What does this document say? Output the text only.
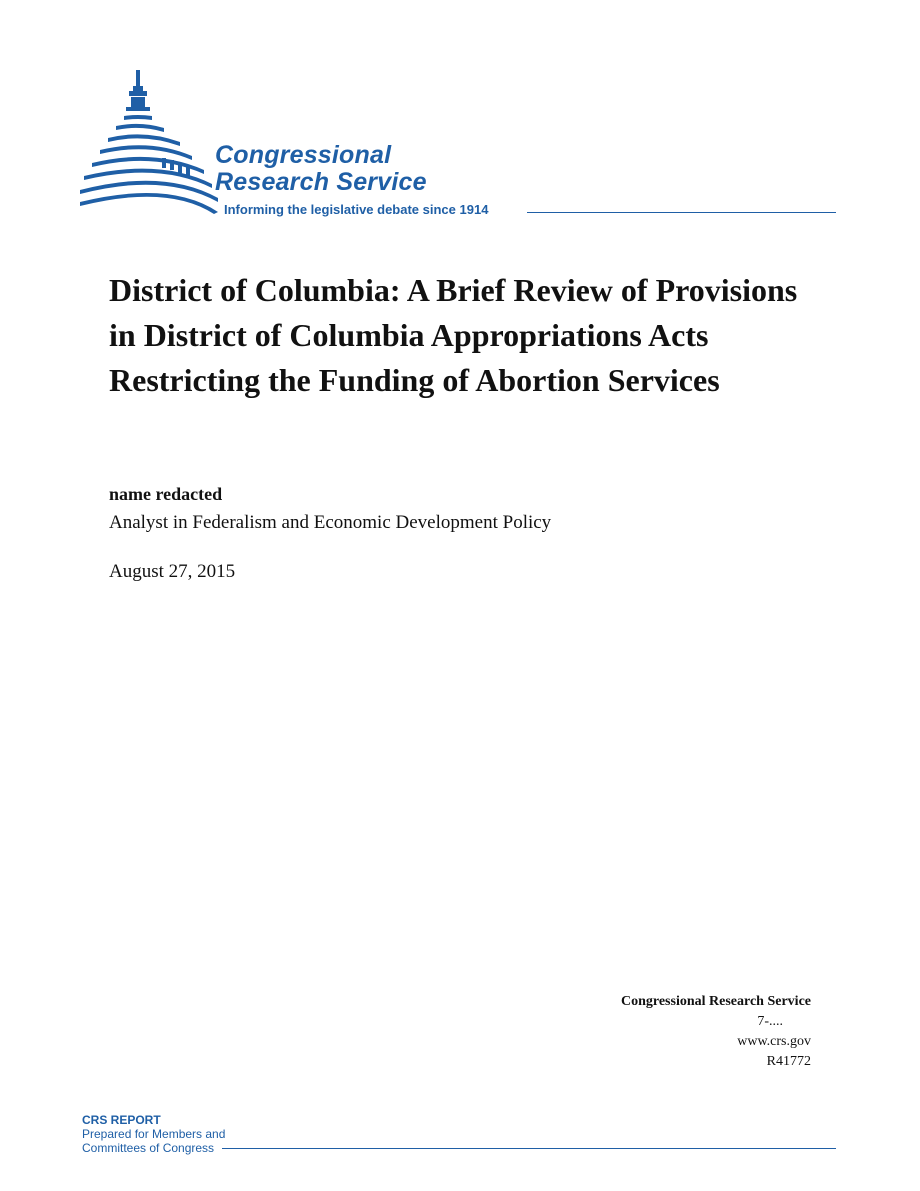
Congressional
Research Service
Informing the legislative debate since 1914
District of Columbia: A Brief Review of Provisions in District of Columbia Appropriations Acts Restricting the Funding of Abortion Services
name redacted
Analyst in Federalism and Economic Development Policy
August 27, 2015
Congressional Research Service
7-....
www.crs.gov
R41772
CRS REPORT
Prepared for Members and
Committees of Congress
